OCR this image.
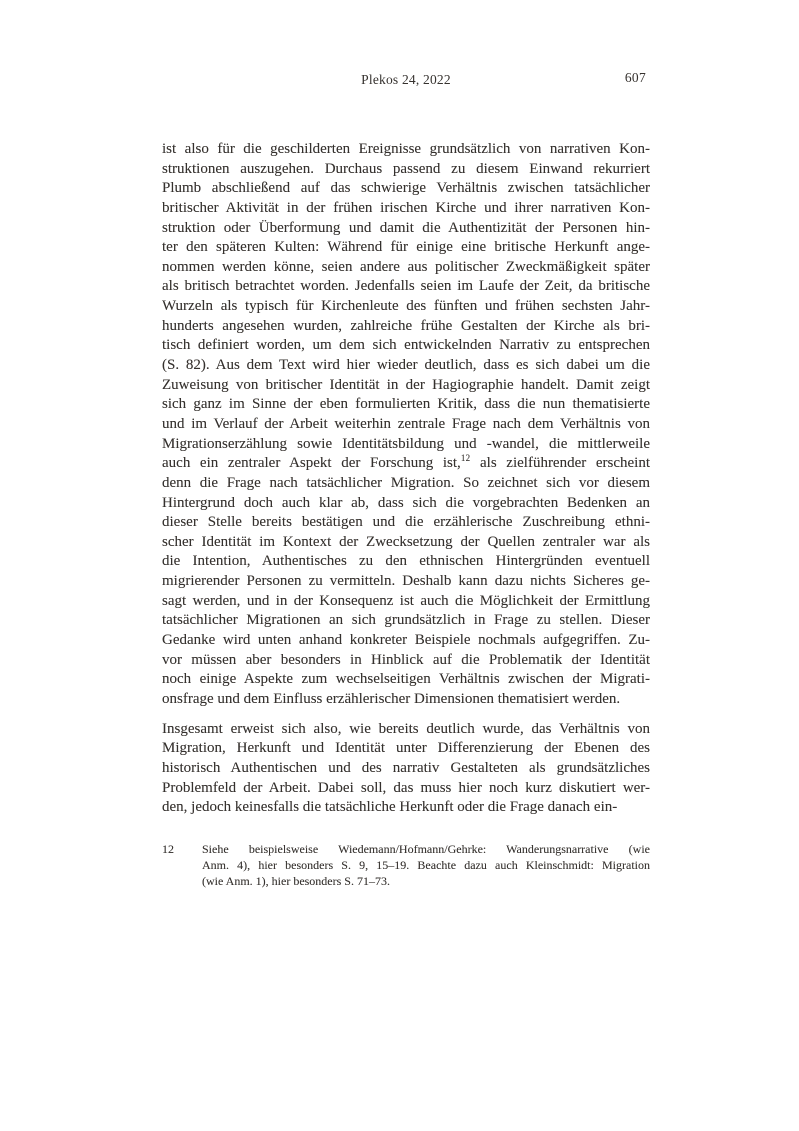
Plekos 24, 2022	607
ist also für die geschilderten Ereignisse grundsätzlich von narrativen Kon-
struktionen auszugehen. Durchaus passend zu diesem Einwand rekurriert
Plumb abschließend auf das schwierige Verhältnis zwischen tatsächlicher
britischer Aktivität in der frühen irischen Kirche und ihrer narrativen Kon-
struktion oder Überformung und damit die Authentizität der Personen hin-
ter den späteren Kulten: Während für einige eine britische Herkunft ange-
nommen werden könne, seien andere aus politischer Zweckmäßigkeit später
als britisch betrachtet worden. Jedenfalls seien im Laufe der Zeit, da britische
Wurzeln als typisch für Kirchenleute des fünften und frühen sechsten Jahr-
hunderts angesehen wurden, zahlreiche frühe Gestalten der Kirche als bri-
tisch definiert worden, um dem sich entwickelnden Narrativ zu entsprechen
(S. 82). Aus dem Text wird hier wieder deutlich, dass es sich dabei um die
Zuweisung von britischer Identität in der Hagiographie handelt. Damit zeigt
sich ganz im Sinne der eben formulierten Kritik, dass die nun thematisierte
und im Verlauf der Arbeit weiterhin zentrale Frage nach dem Verhältnis von
Migrationserzählung sowie Identitätsbildung und -wandel, die mittlerweile
auch ein zentraler Aspekt der Forschung ist,$^{12}$ als zielführender erscheint
denn die Frage nach tatsächlicher Migration. So zeichnet sich vor diesem
Hintergrund doch auch klar ab, dass sich die vorgebrachten Bedenken an
dieser Stelle bereits bestätigen und die erzählerische Zuschreibung ethni-
scher Identität im Kontext der Zwecksetzung der Quellen zentraler war als
die Intention, Authentisches zu den ethnischen Hintergründen eventuell
migrierender Personen zu vermitteln. Deshalb kann dazu nichts Sicheres ge-
sagt werden, und in der Konsequenz ist auch die Möglichkeit der Ermittlung
tatsächlicher Migrationen an sich grundsätzlich in Frage zu stellen. Dieser
Gedanke wird unten anhand konkreter Beispiele nochmals aufgegriffen. Zu-
vor müssen aber besonders in Hinblick auf die Problematik der Identität
noch einige Aspekte zum wechselseitigen Verhältnis zwischen der Migrati-
onsfrage und dem Einfluss erzählerischer Dimensionen thematisiert werden.
Insgesamt erweist sich also, wie bereits deutlich wurde, das Verhältnis von
Migration, Herkunft und Identität unter Differenzierung der Ebenen des
historisch Authentischen und des narrativ Gestalteten als grundsätzliches
Problemfeld der Arbeit. Dabei soll, das muss hier noch kurz diskutiert wer-
den, jedoch keinesfalls die tatsächliche Herkunft oder die Frage danach ein-
12	Siehe beispielsweise Wiedemann/Hofmann/Gehrke: Wanderungsnarrative (wie
Anm. 4), hier besonders S. 9, 15–19. Beachte dazu auch Kleinschmidt: Migration
(wie Anm. 1), hier besonders S. 71–73.
